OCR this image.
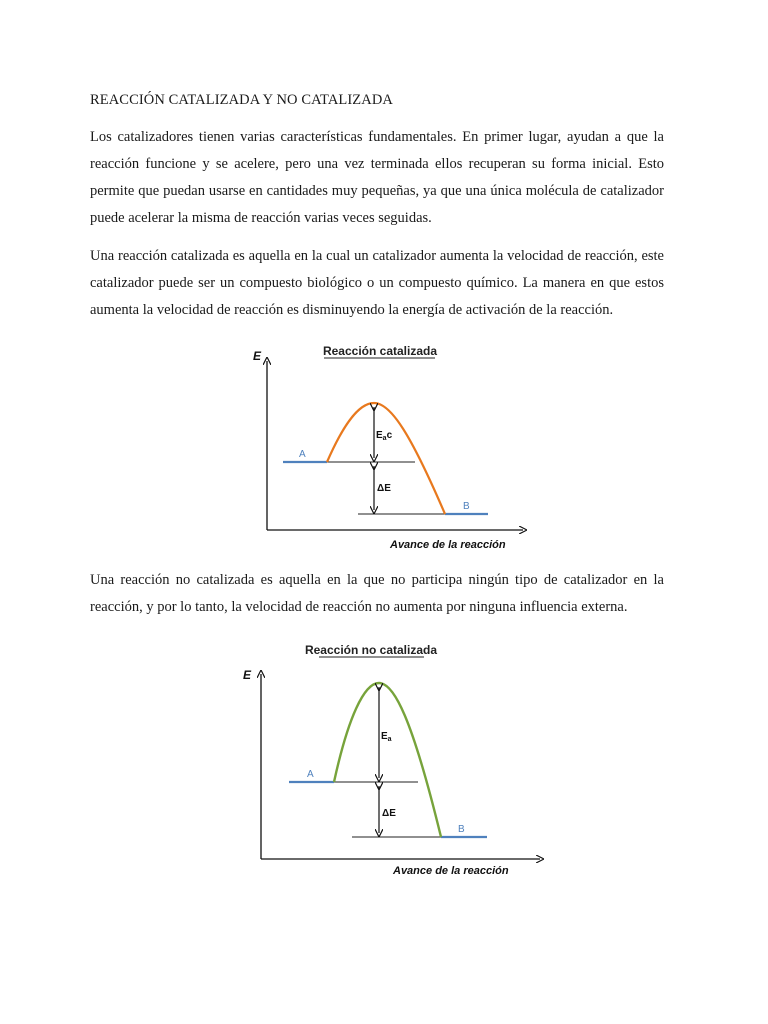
REACCIÓN CATALIZADA Y NO CATALIZADA

Los catalizadores tienen varias características fundamentales. En primer lugar, ayudan a que la reacción funcione y se acelere, pero una vez terminada ellos recuperan su forma inicial. Esto permite que puedan usarse en cantidades muy pequeñas, ya que una única molécula de catalizador puede acelerar la misma de reacción varias veces seguidas.

Una reacción catalizada es aquella en la cual un catalizador aumenta la velocidad de reacción, este catalizador puede ser un compuesto biológico o un compuesto químico. La manera en que estos aumenta la velocidad de reacción es disminuyendo la energía de activación de la reacción.

Reacción catalizada
E
Avance de la reacción
$E_ac$
ΔE
A
B

Una reacción no catalizada es aquella en la que no participa ningún tipo de catalizador en la reacción, y por lo tanto, la velocidad de reacción no aumenta por ninguna influencia externa.

Reacción no catalizada
E
Avance de la reacción
$E_a$
ΔE
A
B
